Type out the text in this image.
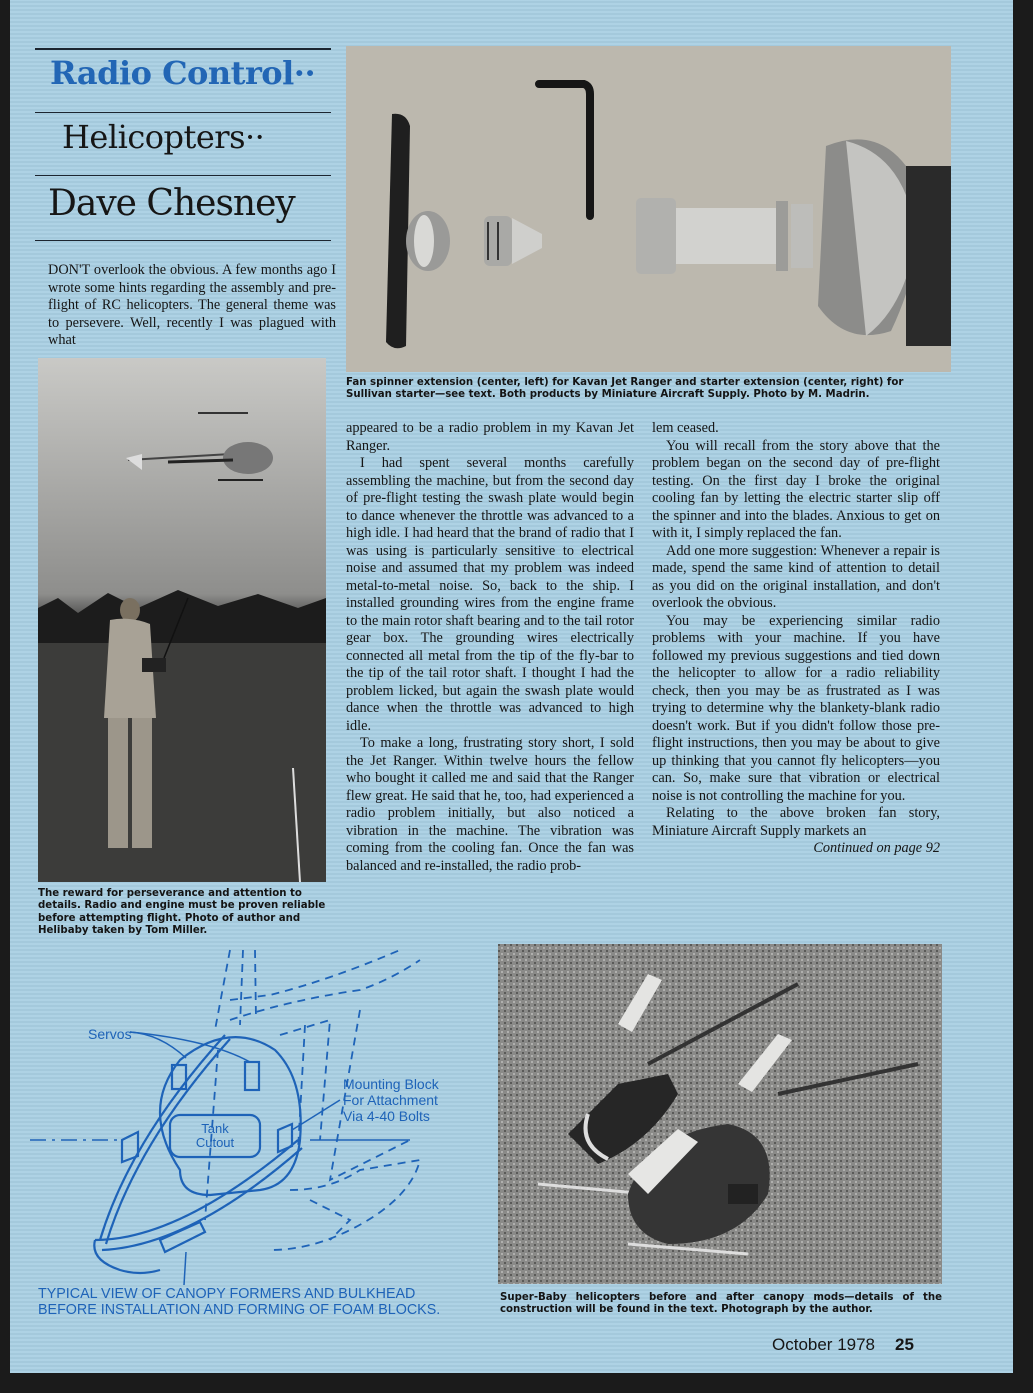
Radio Control··
Helicopters··
Dave Chesney

DON'T overlook the obvious. A few months ago I wrote some hints regarding the assembly and pre-flight of RC helicopters. The general theme was to persevere. Well, recently I was plagued with what

Fan spinner extension (center, left) for Kavan Jet Ranger and starter extension (center, right) for Sullivan starter—see text. Both products by Miniature Aircraft Supply. Photo by M. Madrin.
The reward for perseverance and attention to details. Radio and engine must be proven reliable before attempting flight. Photo of author and Helibaby taken by Tom Miller.

appeared to be a radio problem in my Kavan Jet Ranger.

I had spent several months carefully assembling the machine, but from the second day of pre-flight testing the swash plate would begin to dance whenever the throttle was advanced to a high idle. I had heard that the brand of radio that I was using is particularly sensitive to electrical noise and assumed that my problem was indeed metal-to-metal noise. So, back to the ship. I installed grounding wires from the engine frame to the main rotor shaft bearing and to the tail rotor gear box. The grounding wires electrically connected all metal from the tip of the fly-bar to the tip of the tail rotor shaft. I thought I had the problem licked, but again the swash plate would dance when the throttle was advanced to high idle.

To make a long, frustrating story short, I sold the Jet Ranger. Within twelve hours the fellow who bought it called me and said that the Ranger flew great. He said that he, too, had experienced a radio problem initially, but also noticed a vibration in the machine. The vibration was coming from the cooling fan. Once the fan was balanced and re-installed, the radio prob-

lem ceased.

You will recall from the story above that the problem began on the second day of pre-flight testing. On the first day I broke the original cooling fan by letting the electric starter slip off the spinner and into the blades. Anxious to get on with it, I simply replaced the fan.

Add one more suggestion: Whenever a repair is made, spend the same kind of attention to detail as you did on the original installation, and don't overlook the obvious.

You may be experiencing similar radio problems with your machine. If you have followed my previous suggestions and tied down the helicopter to allow for a radio reliability check, then you may be as frustrated as I was trying to determine why the blankety-blank radio doesn't work. But if you didn't follow those pre-flight instructions, then you may be about to give up thinking that you cannot fly helicopters—you can. So, make sure that vibration or electrical noise is not controlling the machine for you.

Relating to the above broken fan story, Miniature Aircraft Supply markets an

Continued on page 92

Servos
Tank
Cutout
Mounting Block
For Attachment
Via 4-40 Bolts
TYPICAL VIEW OF CANOPY FORMERS AND BULKHEAD
BEFORE INSTALLATION AND FORMING OF FOAM BLOCKS.
Super-Baby helicopters before and after canopy mods—details of the construction will be found in the text. Photograph by the author.
October 1978 25
